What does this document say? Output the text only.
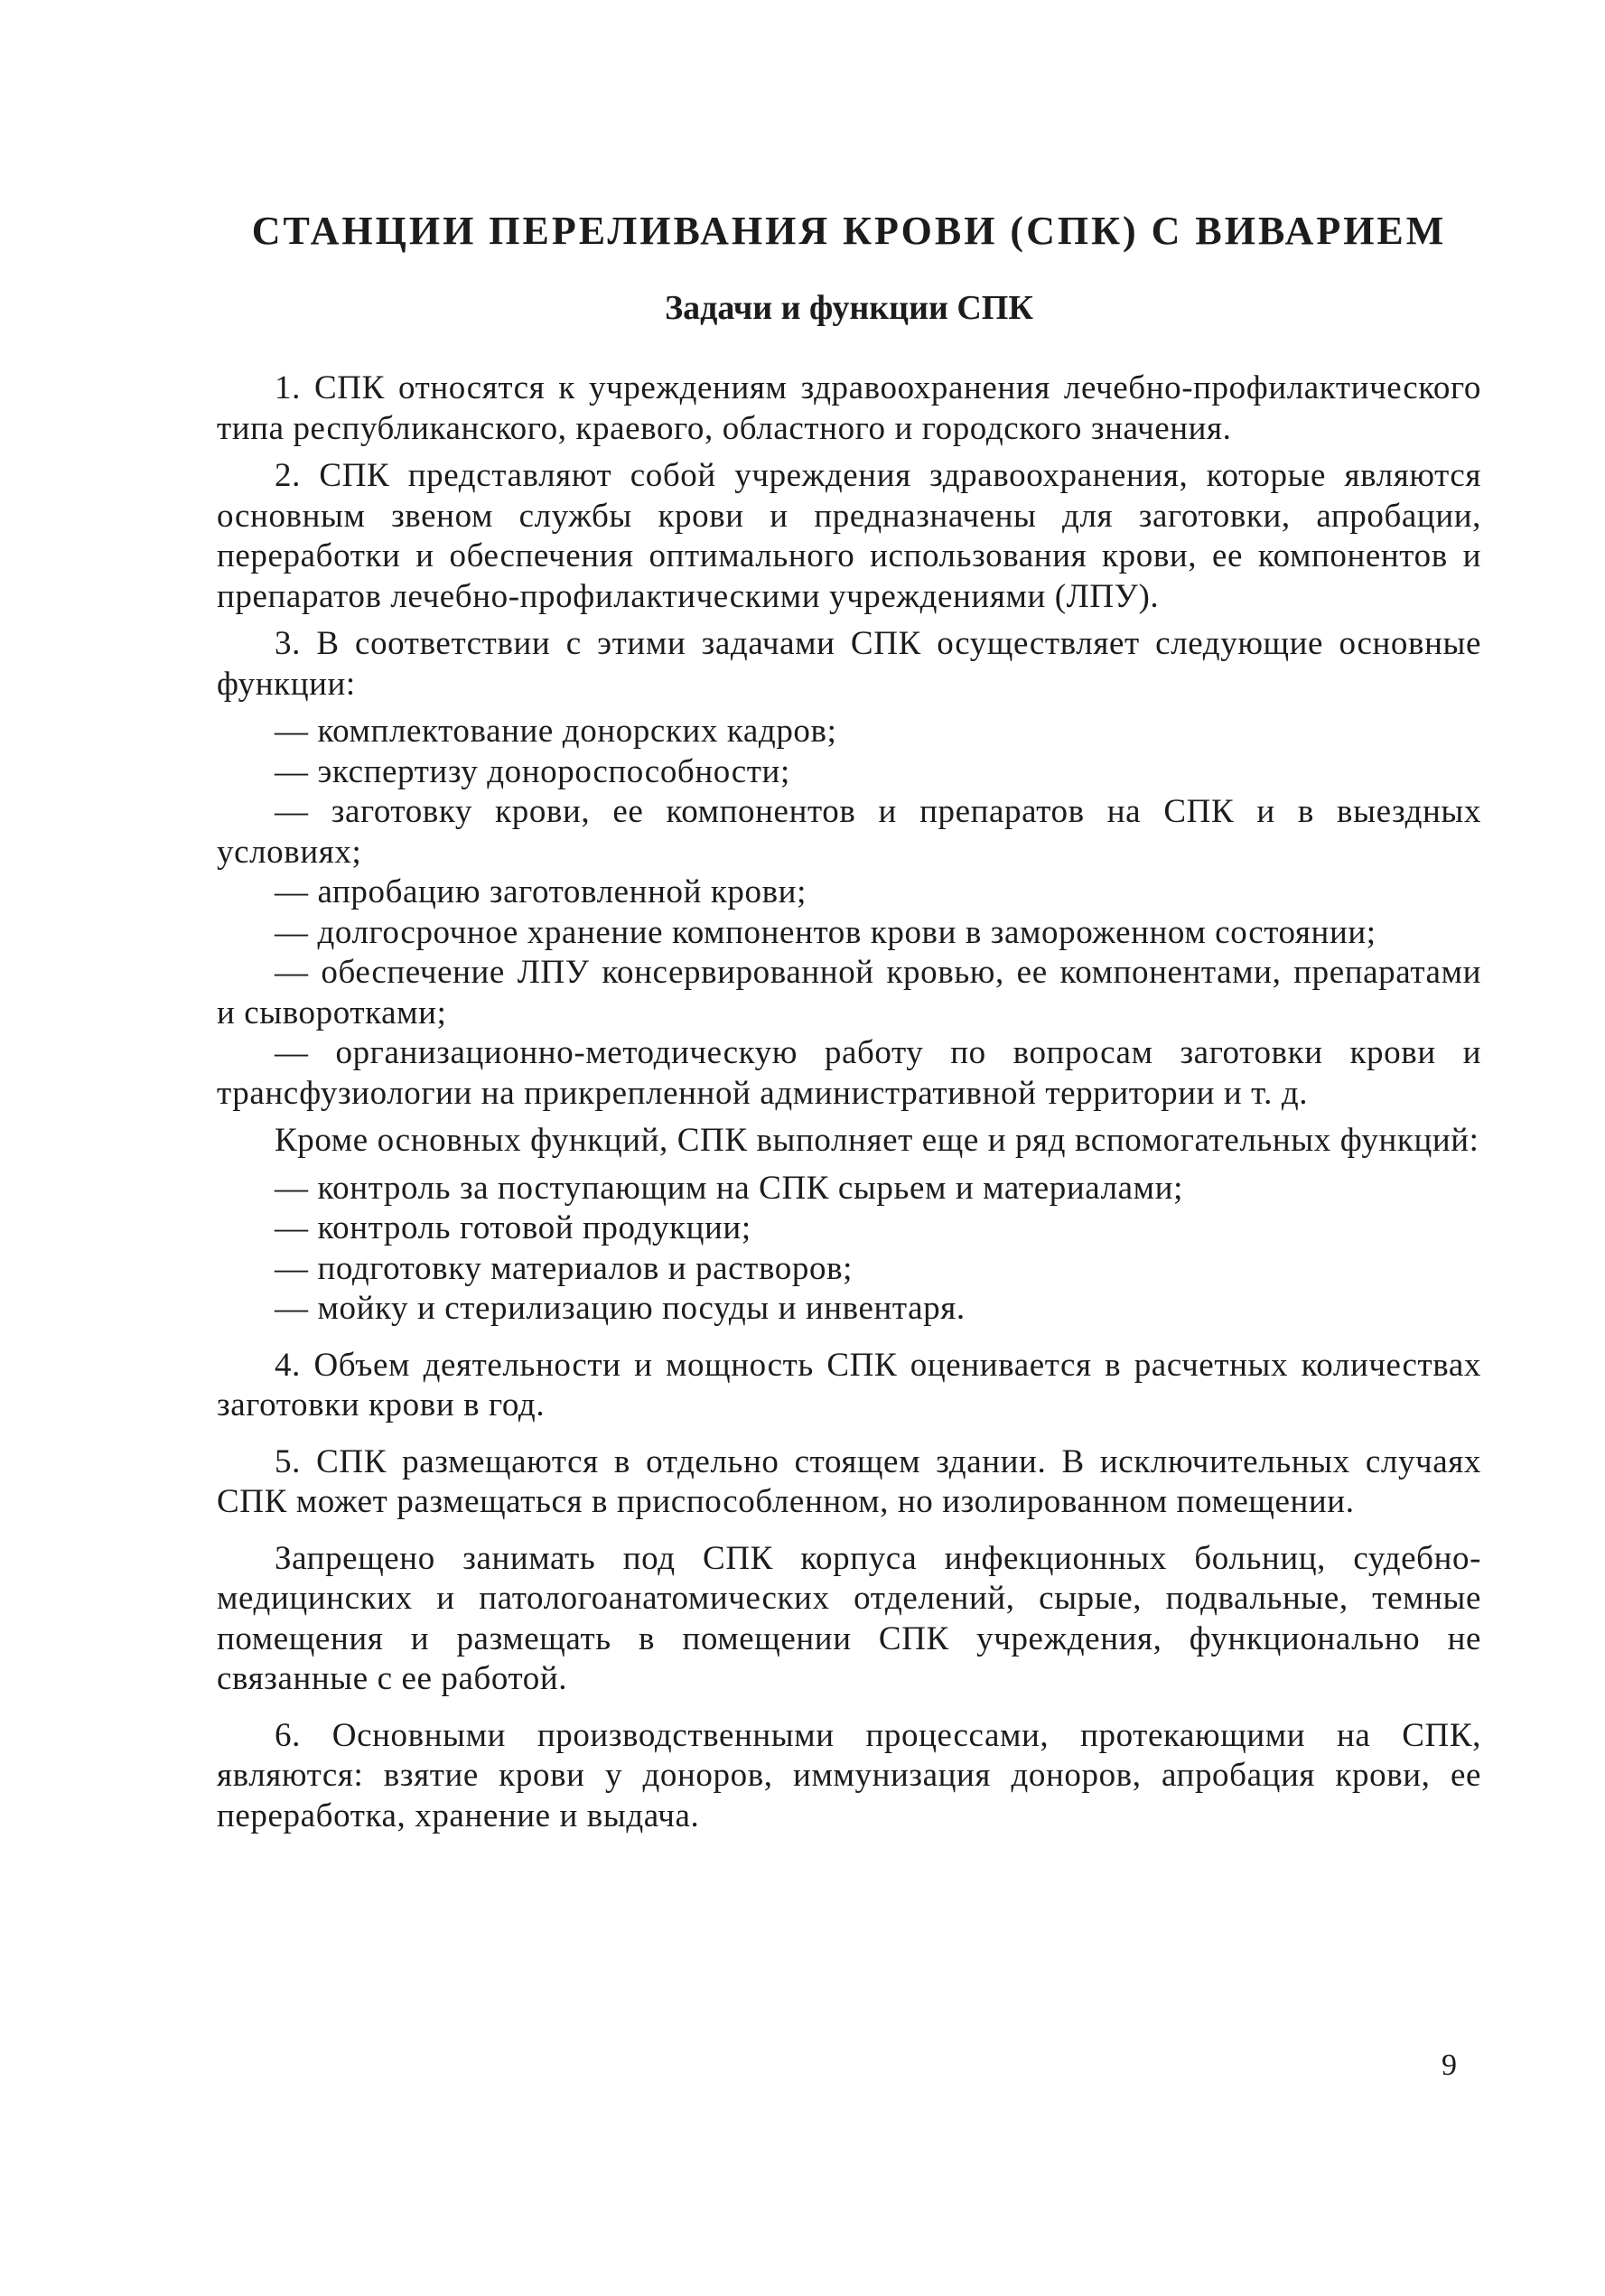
СТАНЦИИ ПЕРЕЛИВАНИЯ КРОВИ (СПК) С ВИВАРИЕМ
Задачи и функции СПК

1. СПК относятся к учреждениям здравоохранения лечебно-профилактического типа республиканского, краевого, областного и городского значения.

2. СПК представляют собой учреждения здравоохранения, которые являются основным звеном службы крови и предназначены для заготовки, апробации, переработки и обеспечения оптимального использования крови, ее компонентов и препаратов лечебно-профилактическими учреждениями (ЛПУ).

3. В соответствии с этими задачами СПК осуществляет следующие основные функции:

— комплектование донорских кадров;

— экспертизу донороспособности;

— заготовку крови, ее компонентов и препаратов на СПК и в выездных условиях;

— апробацию заготовленной крови;

— долгосрочное хранение компонентов крови в замороженном состоянии;

— обеспечение ЛПУ консервированной кровью, ее компонентами, препаратами и сыворотками;

— организационно-методическую работу по вопросам заготовки крови и трансфузиологии на прикрепленной административной территории и т. д.

Кроме основных функций, СПК выполняет еще и ряд вспомогательных функций:

— контроль за поступающим на СПК сырьем и материалами;

— контроль готовой продукции;

— подготовку материалов и растворов;

— мойку и стерилизацию посуды и инвентаря.

4. Объем деятельности и мощность СПК оценивается в расчетных количествах заготовки крови в год.

5. СПК размещаются в отдельно стоящем здании. В исключительных случаях СПК может размещаться в приспособленном, но изолированном помещении.

Запрещено занимать под СПК корпуса инфекционных больниц, судебно-медицинских и патологоанатомических отделений, сырые, подвальные, темные помещения и размещать в помещении СПК учреждения, функционально не связанные с ее работой.

6. Основными производственными процессами, протекающими на СПК, являются: взятие крови у доноров, иммунизация доноров, апробация крови, ее переработка, хранение и выдача.

9
